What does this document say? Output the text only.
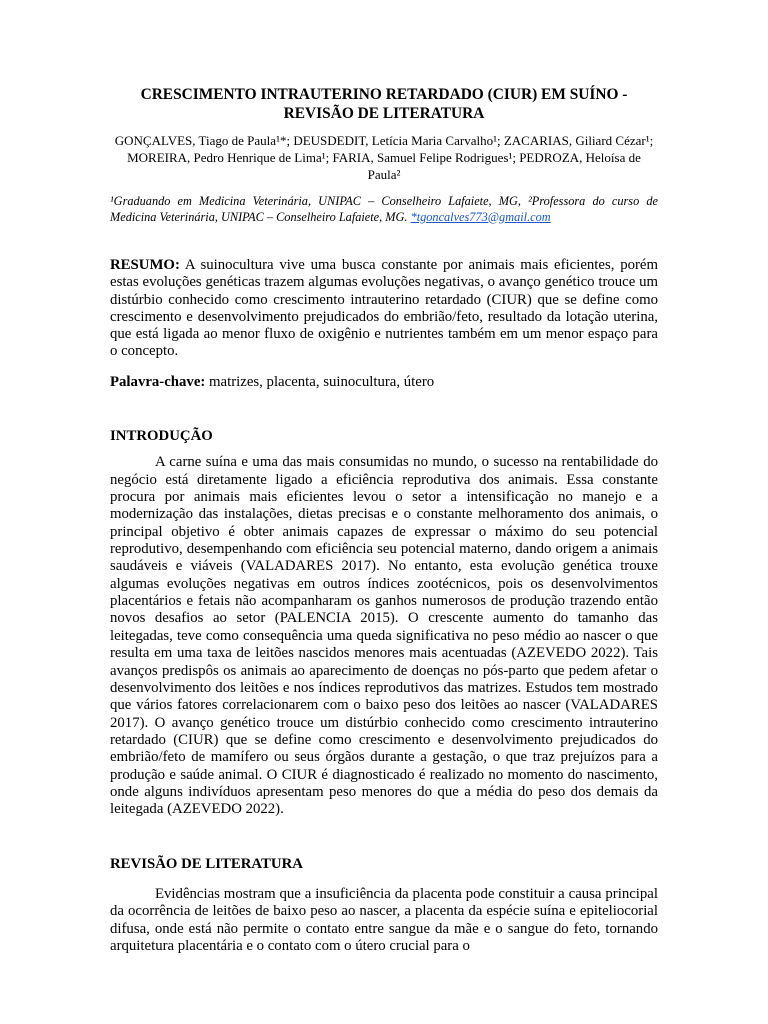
CRESCIMENTO INTRAUTERINO RETARDADO (CIUR) EM SUÍNO -
REVISÃO DE LITERATURA
GONÇALVES, Tiago de Paula¹*; DEUSDEDIT, Letícia Maria Carvalho¹; ZACARIAS, Giliard Cézar¹;
MOREIRA, Pedro Henrique de Lima¹; FARIA, Samuel Felipe Rodrigues¹; PEDROZA, Heloísa de Paula²
¹Graduando em Medicina Veterinária, UNIPAC – Conselheiro Lafaiete, MG, ²Professora do curso de Medicina Veterinária, UNIPAC – Conselheiro Lafaiete, MG. *tgoncalves773@gmail.com
RESUMO: A suinocultura vive uma busca constante por animais mais eficientes, porém estas evoluções genéticas trazem algumas evoluções negativas, o avanço genético trouce um distúrbio conhecido como crescimento intrauterino retardado (CIUR) que se define como crescimento e desenvolvimento prejudicados do embrião/feto, resultado da lotação uterina, que está ligada ao menor fluxo de oxigênio e nutrientes também em um menor espaço para o concepto.
Palavra-chave: matrizes, placenta, suinocultura, útero
INTRODUÇÃO

A carne suína e uma das mais consumidas no mundo, o sucesso na rentabilidade do negócio está diretamente ligado a eficiência reprodutiva dos animais. Essa constante procura por animais mais eficientes levou o setor a intensificação no manejo e a modernização das instalações, dietas precisas e o constante melhoramento dos animais, o principal objetivo é obter animais capazes de expressar o máximo do seu potencial reprodutivo, desempenhando com eficiência seu potencial materno, dando origem a animais saudáveis e viáveis (VALADARES 2017). No entanto, esta evolução genética trouxe algumas evoluções negativas em outros índices zootécnicos, pois os desenvolvimentos placentários e fetais não acompanharam os ganhos numerosos de produção trazendo então novos desafios ao setor (PALENCIA 2015). O crescente aumento do tamanho das leitegadas, teve como consequência uma queda significativa no peso médio ao nascer o que resulta em uma taxa de leitões nascidos menores mais acentuadas (AZEVEDO 2022). Tais avanços predispôs os animais ao aparecimento de doenças no pós-parto que pedem afetar o desenvolvimento dos leitões e nos índices reprodutivos das matrizes. Estudos tem mostrado que vários fatores correlacionarem com o baixo peso dos leitões ao nascer (VALADARES 2017). O avanço genético trouce um distúrbio conhecido como crescimento intrauterino retardado (CIUR) que se define como crescimento e desenvolvimento prejudicados do embrião/feto de mamífero ou seus órgãos durante a gestação, o que traz prejuízos para a produção e saúde animal. O CIUR é diagnosticado é realizado no momento do nascimento, onde alguns indivíduos apresentam peso menores do que a média do peso dos demais da leitegada (AZEVEDO 2022).

REVISÃO DE LITERATURA

Evidências mostram que a insuficiência da placenta pode constituir a causa principal da ocorrência de leitões de baixo peso ao nascer, a placenta da espécie suína e epiteliocorial difusa, onde está não permite o contato entre sangue da mãe e o sangue do feto, tornando arquitetura placentária e o contato com o útero crucial para o
